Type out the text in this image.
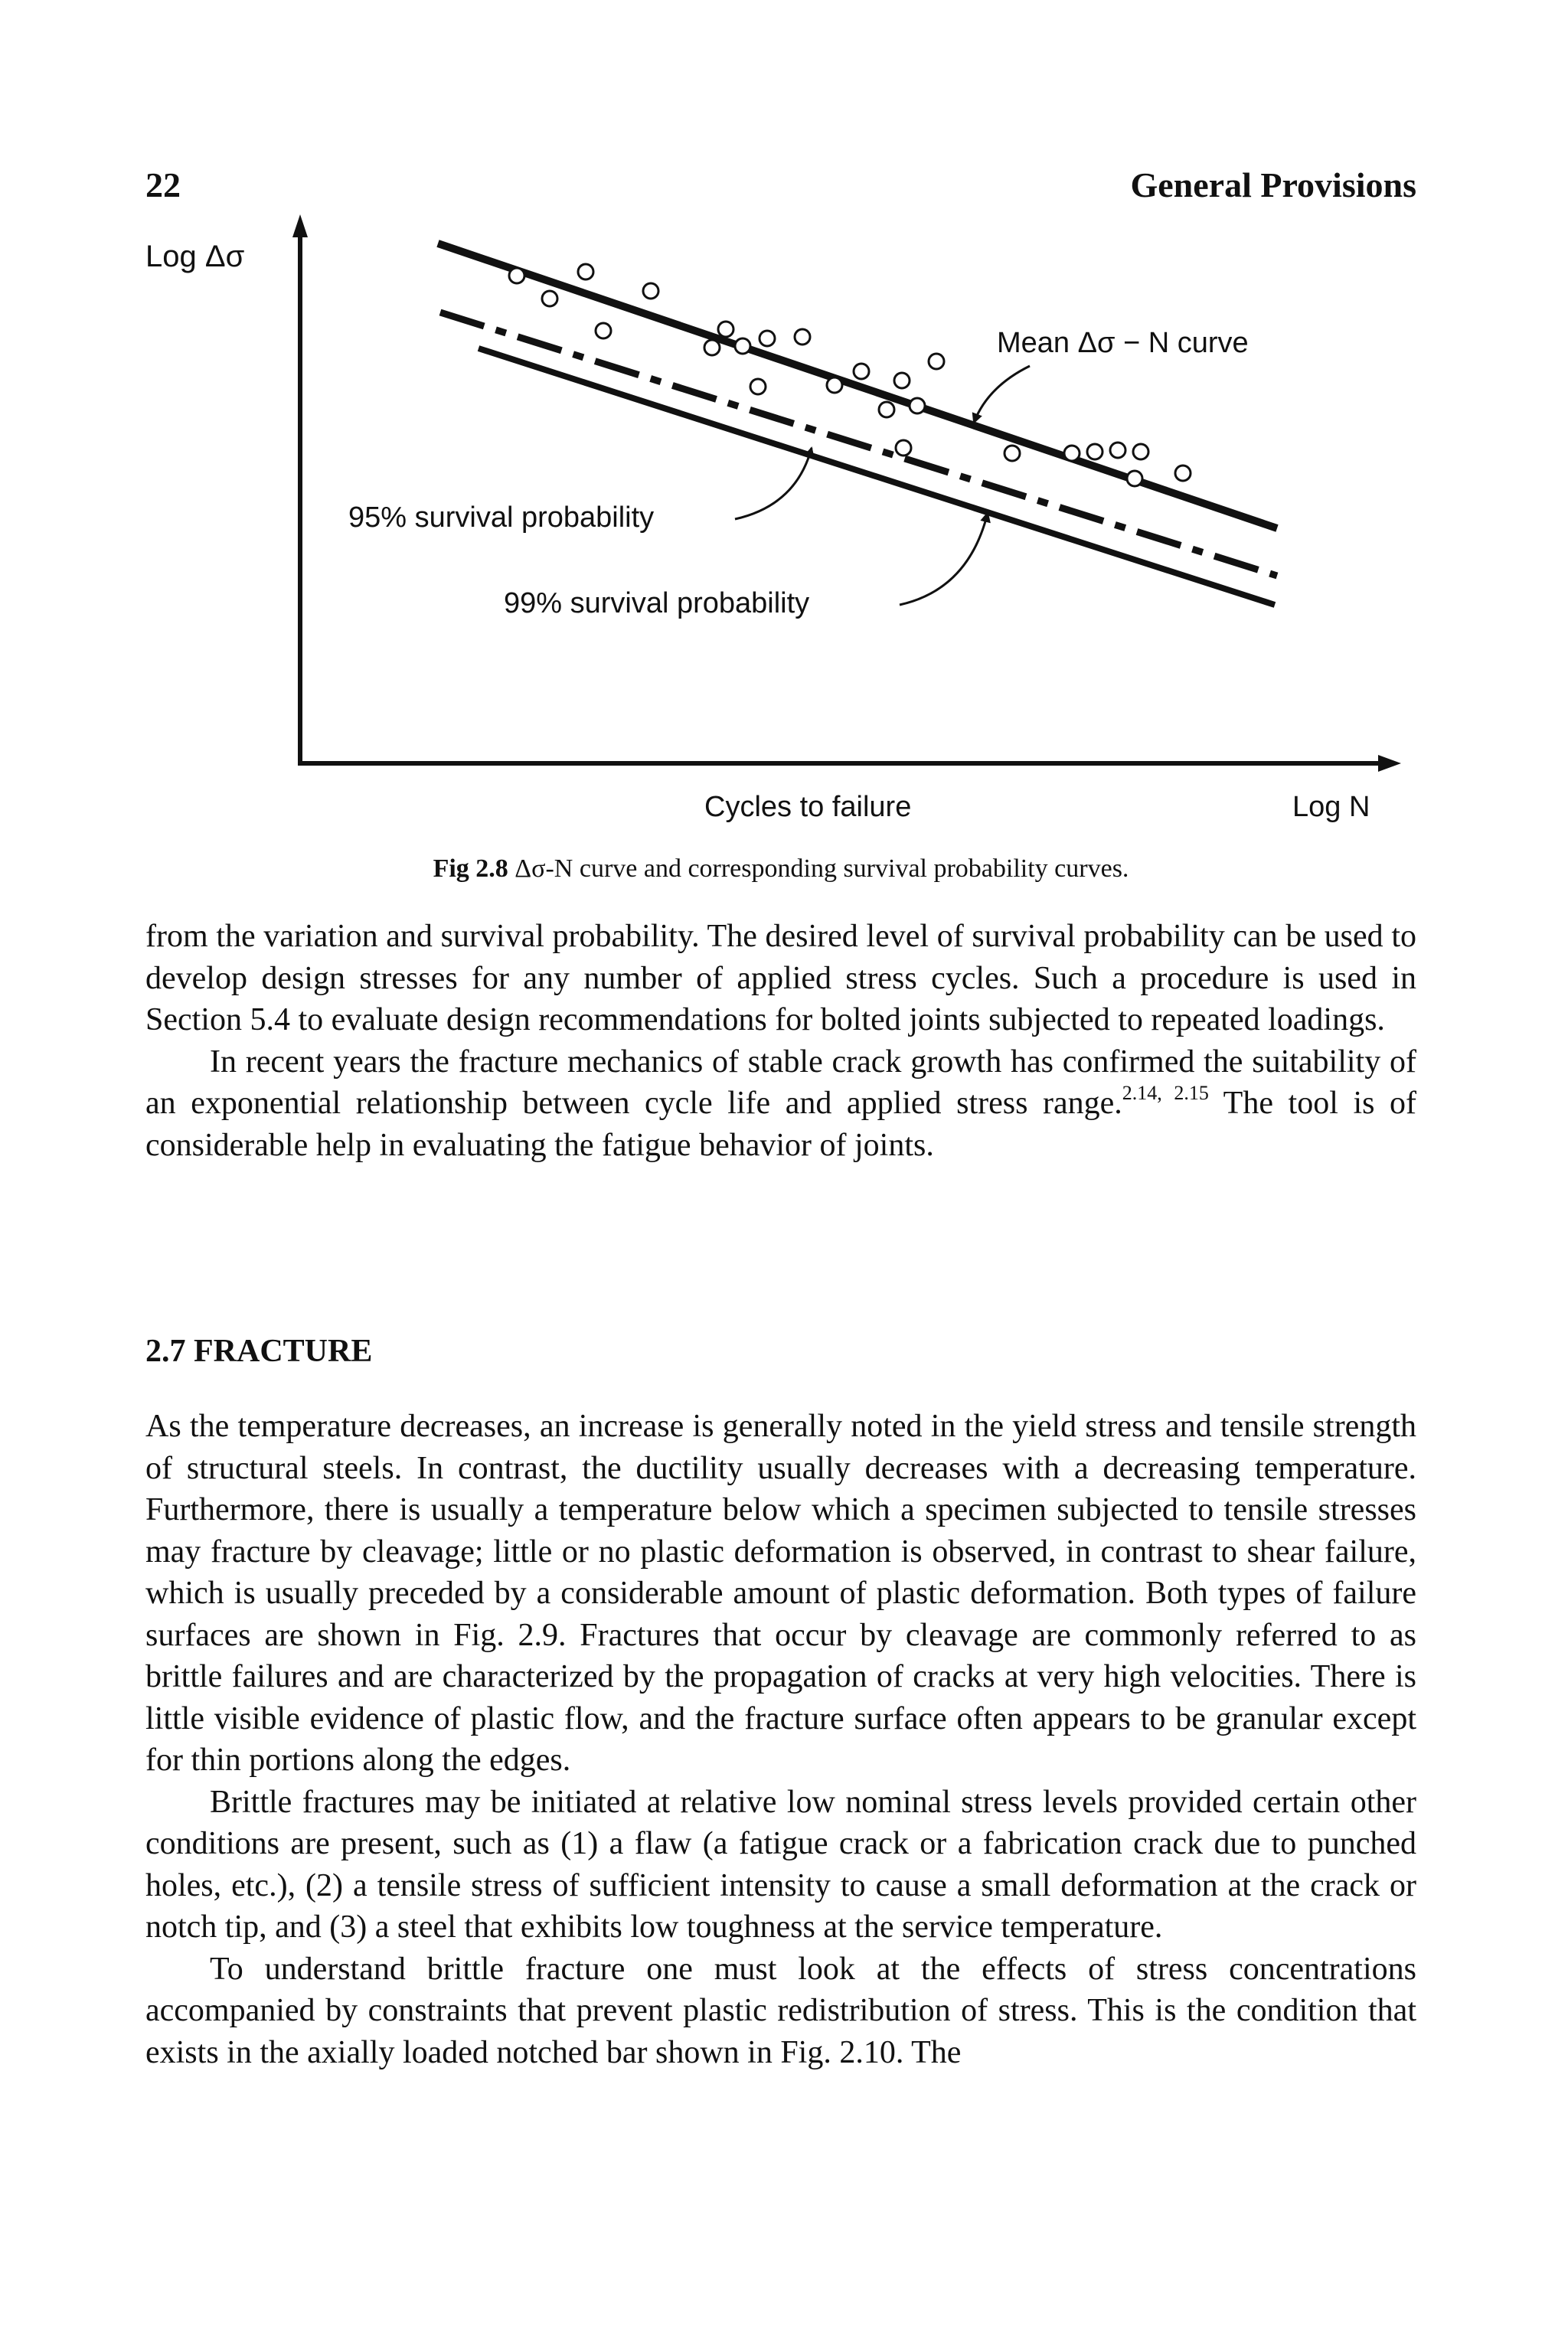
22	General Provisions
Log Δσ
Cycles to failure	Log N
Mean Δσ − N curve
95% survival probability
99% survival probability
Fig 2.8 Δσ-N curve and corresponding survival probability curves.

from the variation and survival probability. The desired level of survival probability can be used to develop design stresses for any number of applied stress cycles. Such a procedure is used in Section 5.4 to evaluate design recommendations for bolted joints subjected to repeated loadings.

In recent years the fracture mechanics of stable crack growth has confirmed the suitability of an exponential relationship between cycle life and applied stress range.$^{2.14, 2.15}$ The tool is of considerable help in evaluating the fatigue behavior of joints.

2.7 FRACTURE

As the temperature decreases, an increase is generally noted in the yield stress and tensile strength of structural steels. In contrast, the ductility usually decreases with a decreasing temperature. Furthermore, there is usually a temperature below which a specimen subjected to tensile stresses may fracture by cleavage; little or no plastic deformation is observed, in contrast to shear failure, which is usually preceded by a considerable amount of plastic deformation. Both types of failure surfaces are shown in Fig. 2.9. Fractures that occur by cleavage are commonly referred to as brittle failures and are characterized by the propagation of cracks at very high velocities. There is little visible evidence of plastic flow, and the fracture surface often appears to be granular except for thin portions along the edges.

Brittle fractures may be initiated at relative low nominal stress levels provided certain other conditions are present, such as (1) a flaw (a fatigue crack or a fabrication crack due to punched holes, etc.), (2) a tensile stress of sufficient intensity to cause a small deformation at the crack or notch tip, and (3) a steel that exhibits low toughness at the service temperature.

To understand brittle fracture one must look at the effects of stress concentrations accompanied by constraints that prevent plastic redistribution of stress. This is the condition that exists in the axially loaded notched bar shown in Fig. 2.10. The
